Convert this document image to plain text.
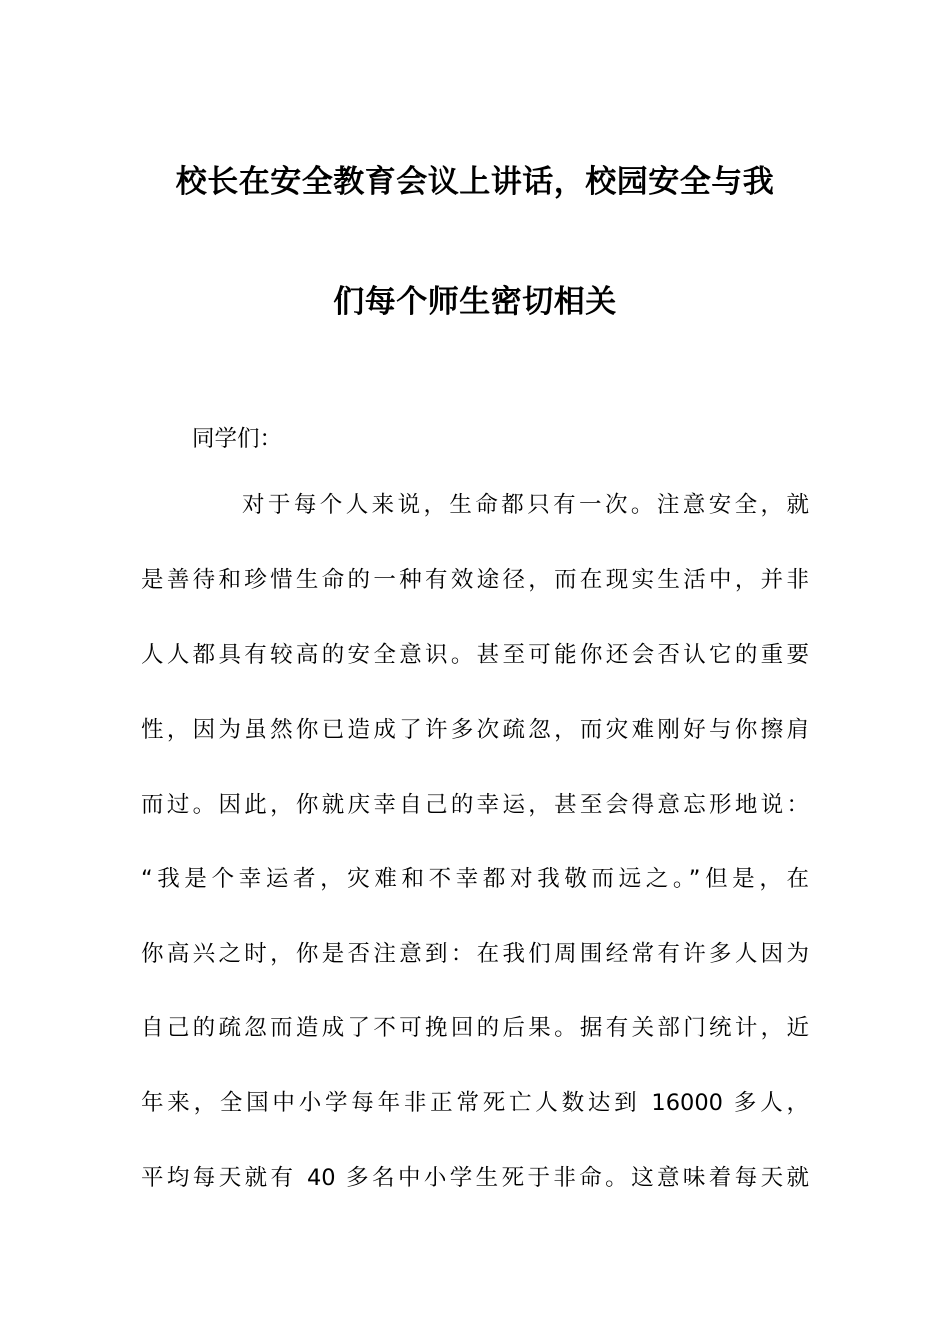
校长在安全教育会议上讲话，校园安全与我
们每个师生密切相关
同学们：
对于每个人来说，生命都只有一次。注意安全，就
是善待和珍惜生命的一种有效途径，而在现实生活中，并非
人人都具有较高的安全意识。甚至可能你还会否认它的重要
性，因为虽然你已造成了许多次疏忽，而灾难刚好与你擦肩
而过。因此，你就庆幸自己的幸运，甚至会得意忘形地说：
“我是个幸运者，灾难和不幸都对我敬而远之。”但是，在
你高兴之时，你是否注意到：在我们周围经常有许多人因为
自己的疏忽而造成了不可挽回的后果。据有关部门统计，近
年来，全国中小学每年非正常死亡人数达到 16000 多人，
平均每天就有 40 多名中小学生死于非命。这意味着每天就
